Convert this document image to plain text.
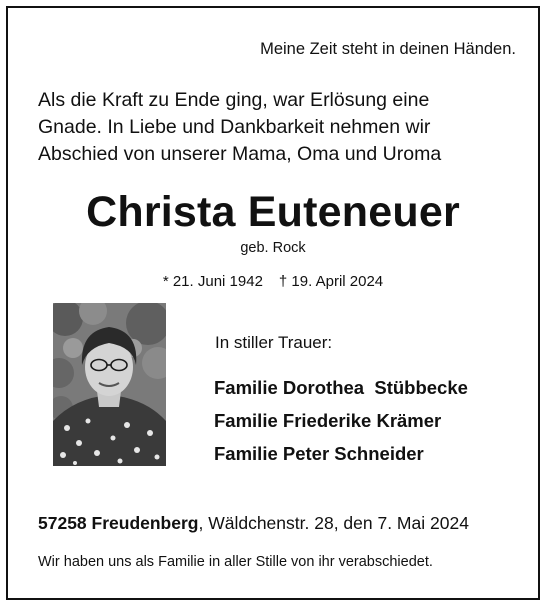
Meine Zeit steht in deinen Händen.
Als die Kraft zu Ende ging, war Erlösung eine
Gnade. In Liebe und Dankbarkeit nehmen wir
Abschied von unserer Mama, Oma und Uroma
Christa Euteneuer
geb. Rock
* 21. Juni 1942 † 19. April 2024
In stiller Trauer:
Familie Dorothea  Stübbecke
Familie Friederike Krämer
Familie Peter Schneider
57258 Freudenberg, Wäldchenstr. 28, den 7. Mai 2024
Wir haben uns als Familie in aller Stille von ihr verabschiedet.
